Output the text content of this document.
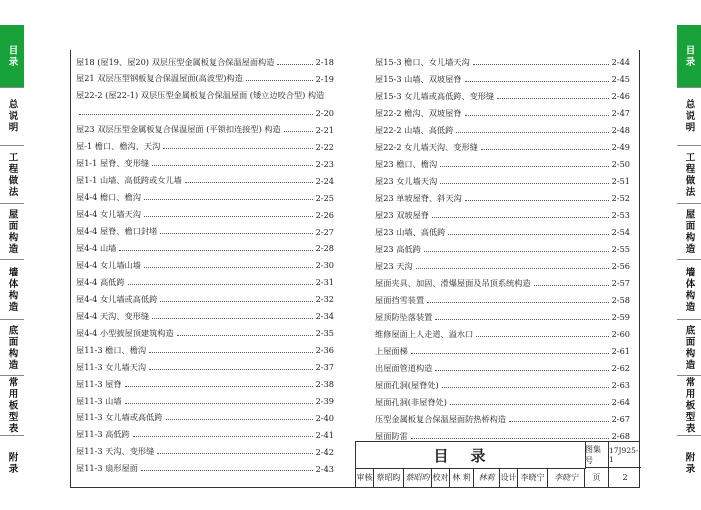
目录
总说明
工程做法
屋面构造
墙体构造
底面构造
常用板型表
附录
目录
总说明
工程做法
屋面构造
墙体构造
底面构造
常用板型表
附录
屋18 (屋19、屋20) 双层压型金属板复合保温屋面构造	2-18
屋21 双层压型钢板复合保温屋面(高波型)构造	2-19
屋22-2 (屋22-1) 双层压型金属板复合保温屋面 (矮立边咬合型) 构造
2-20
屋23 双层压型金属板复合保温屋面 (平锁扣连接型) 构造	2-21
屋-1 檐口、檐沟、天沟	2-22
屋1-1 屋脊、变形缝	2-23
屋1-1 山墙、高低跨或女儿墙	2-24
屋4-4 檐口、檐沟	2-25
屋4-4 女儿墙天沟	2-26
屋4-4 屋脊、檐口封堵	2-27
屋4-4 山墙	2-28
屋4-4 女儿墙山墙	2-30
屋4-4 高低跨	2-31
屋4-4 女儿墙或高低跨	2-32
屋4-4 天沟、变形缝	2-34
屋4-4 小型披屋顶建筑构造	2-35
屋11-3 檐口、檐沟	2-36
屋11-3 女儿墙天沟	2-37
屋11-3 屋脊	2-38
屋11-3 山墙	2-39
屋11-3 女儿墙或高低跨	2-40
屋11-3 高低跨	2-41
屋11-3 天沟、变形缝	2-42
屋11-3 扇形屋面	2-43
屋15-3 檐口、女儿墙天沟	2-44
屋15-3 山墙、双坡屋脊	2-45
屋15-3 女儿墙或高低跨、变形缝	2-46
屋22-2 檐沟、双坡屋脊	2-47
屋22-2 山墙、高低跨	2-48
屋22-2 女儿墙天沟、变形缝	2-49
屋23 檐口、檐沟	2-50
屋23 女儿墙天沟	2-51
屋23 单坡屋脊、斜天沟	2-52
屋23 双坡屋脊	2-53
屋23 山墙、高低跨	2-54
屋23 高低跨	2-55
屋23 天沟	2-56
屋面夹具、加固、滑爆屋面及吊顶系统构造	2-57
屋面挡雪装置	2-58
屋顶防坠落装置	2-59
维修屋面上人走道、溢水口	2-60
上屋面梯	2-61
出屋面管道构造	2-62
屋面孔洞(屋脊处)	2-63
屋面孔洞(非屋脊处)	2-64
压型金属板复合保温屋面防热桥构造	2-67
屋面防雷	2-68
目录	图集号
17J925-1
审核 蔡昭昀 蔡昭昀 校对 林 莉 林莉 设计 李晓宁	李晓宁	页	2
